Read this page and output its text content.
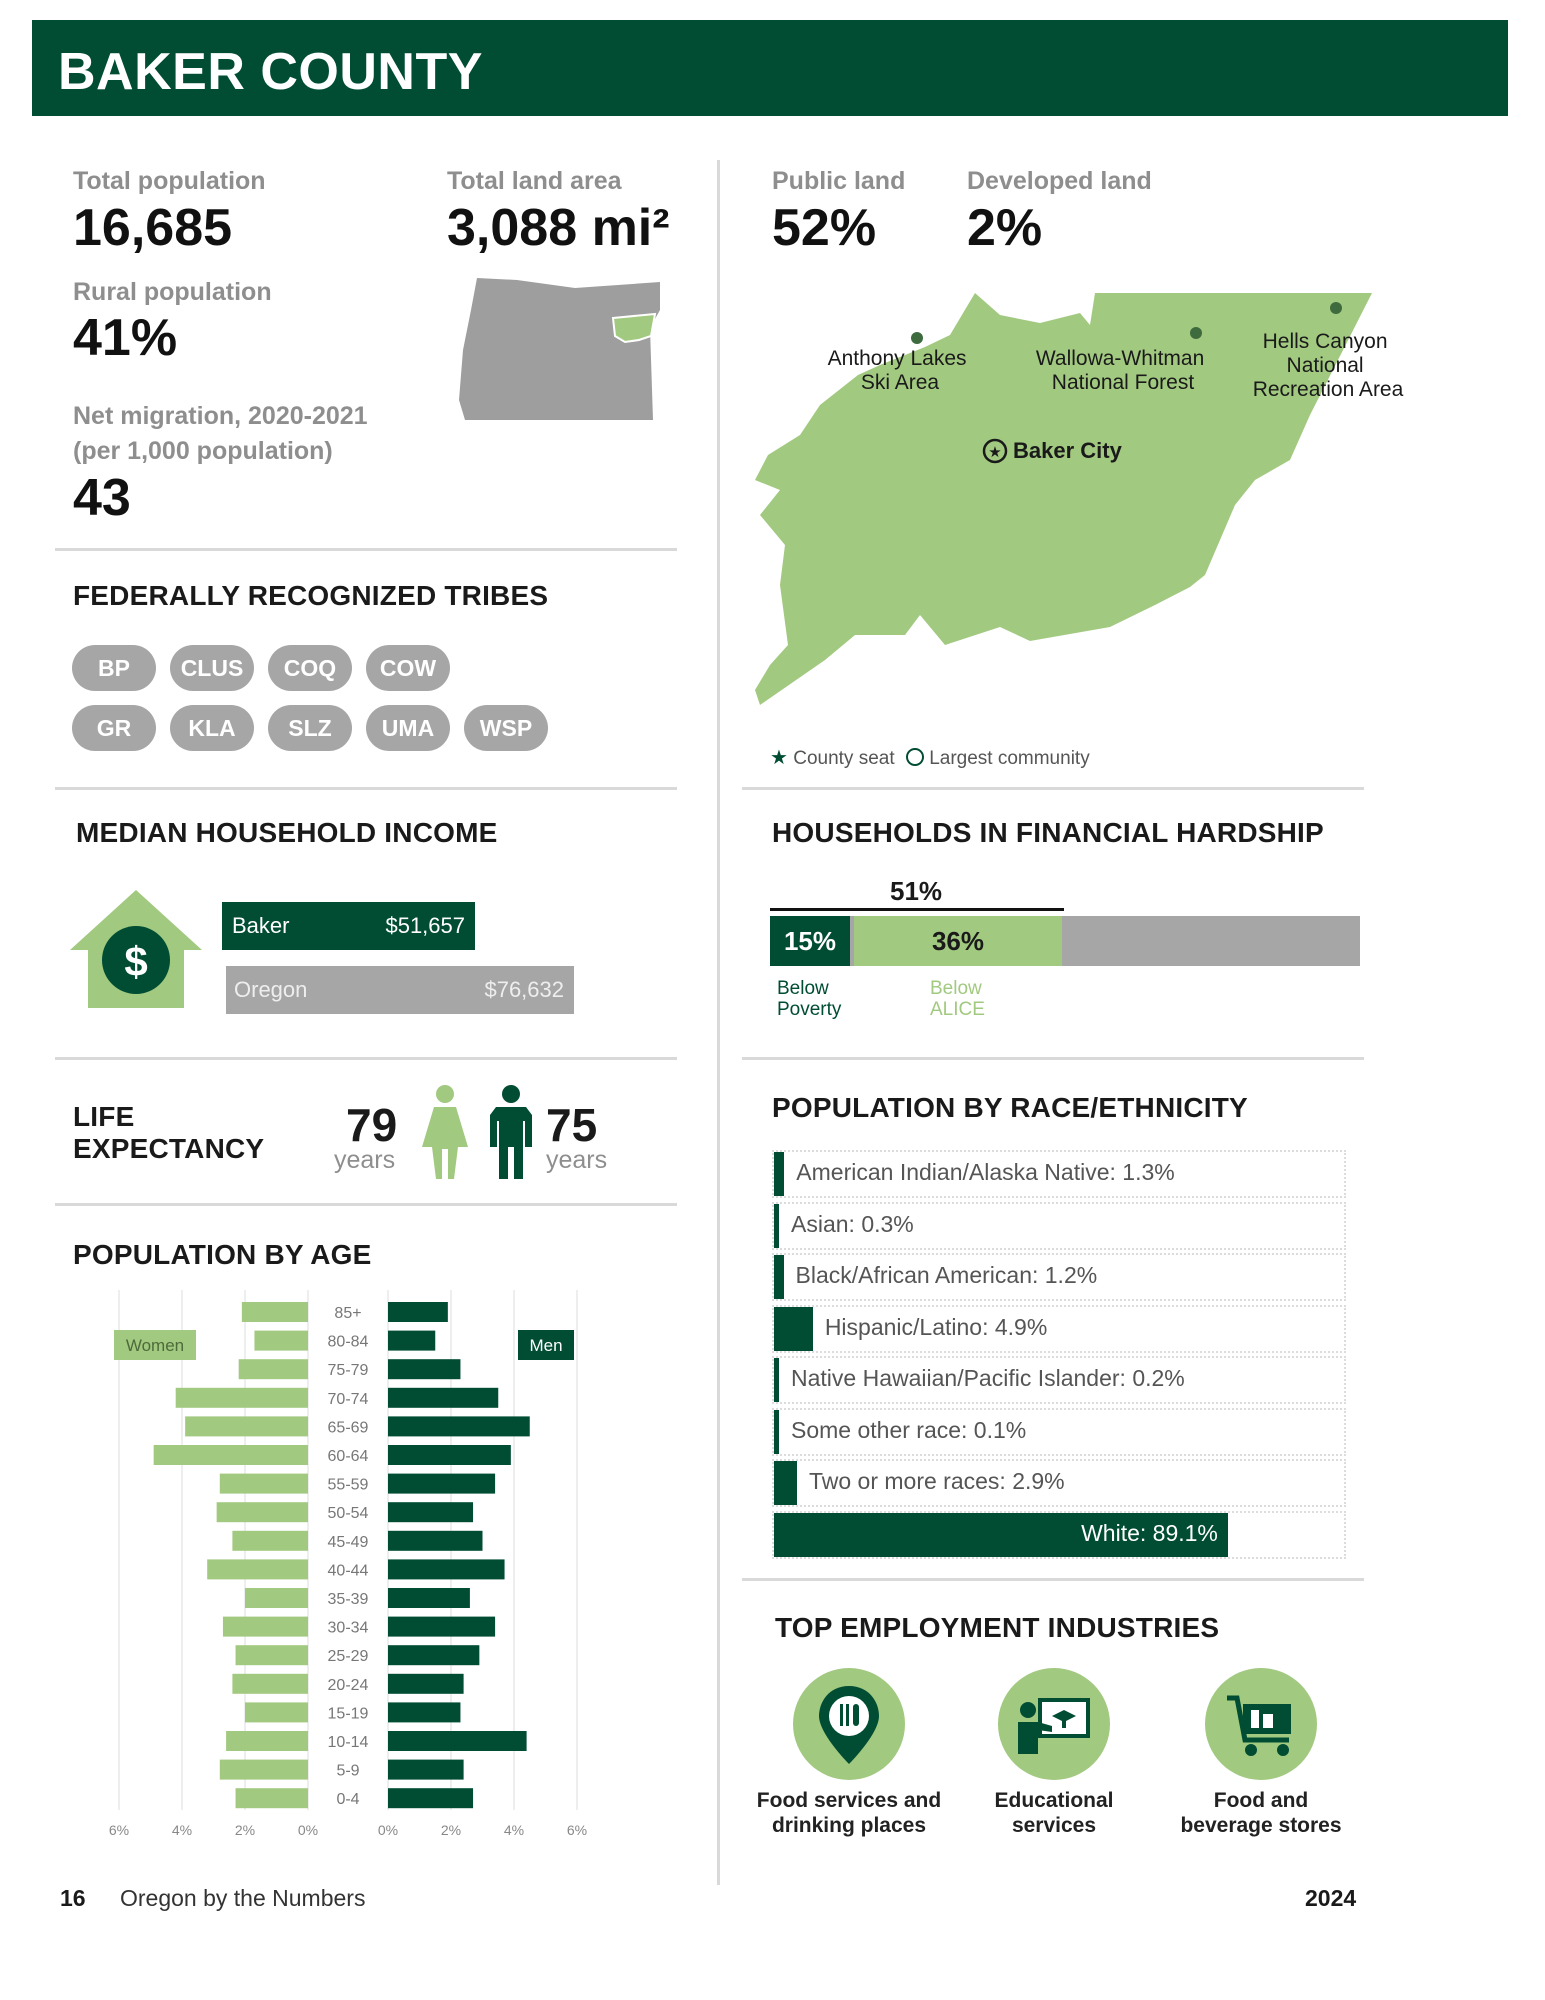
BAKER COUNTY
Total population
16,685
Total land area
3,088 mi²
Rural population
41%
Net migration, 2020-2021
(per 1,000 population)
43
Public land
52%
Developed land
2%
★
Anthony Lakes Ski Area
Wallowa-Whitman National Forest
Hells Canyon National Recreation Area
Baker City
★ County seat Largest community
FEDERALLY RECOGNIZED TRIBES
BP	CLUS	COQ	COW
GR	KLA	SLZ	UMA	WSP
MEDIAN HOUSEHOLD INCOME
$
Baker	$51,657
Oregon	$76,632
HOUSEHOLDS IN FINANCIAL HARDSHIP
51%
15%	36%
Below
Poverty
Below
ALICE
LIFE
EXPECTANCY 79
years
75
years
POPULATION BY AGE
85+
80-84
75-79
70-74
65-69
60-64
55-59
50-54
45-49
40-44
35-39
30-34
25-29
20-24
15-19
10-14
5-9
0-4
Women	Men
6%	4%	2%	0%	0%	2%	4%	6%
POPULATION BY RACE/ETHNICITY
American Indian/Alaska Native: 1.3%
Asian: 0.3%
Black/African American: 1.2%
Hispanic/Latino: 4.9%
Native Hawaiian/Pacific Islander: 0.2%
Some other race: 0.1%
Two or more races: 2.9%
White: 89.1%
TOP EMPLOYMENT INDUSTRIES
Food services and
drinking places
Educational
services
Food and
beverage stores
16 Oregon by the Numbers	2024
